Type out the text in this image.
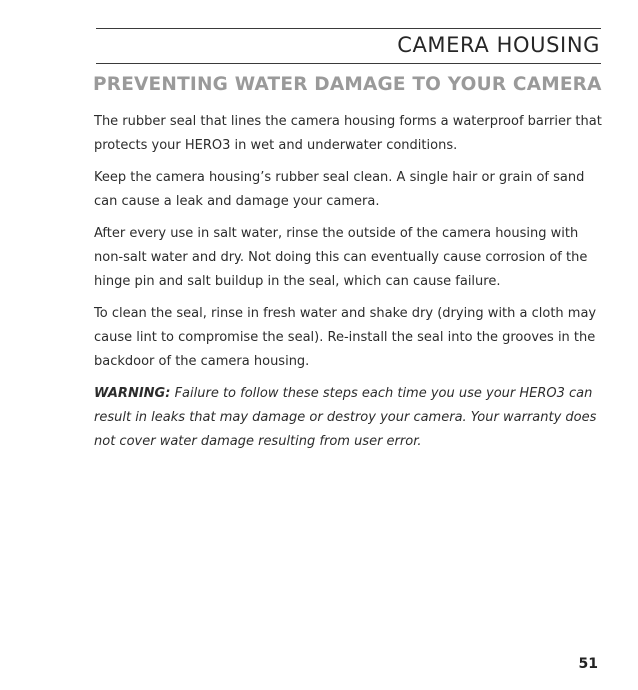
CAMERA HOUSING
PREVENTING WATER DAMAGE TO YOUR CAMERA

The rubber seal that lines the camera housing forms a waterproof barrier that protects your HERO3 in wet and underwater conditions.

Keep the camera housing’s rubber seal clean. A single hair or grain of sand can cause a leak and damage your camera.

After every use in salt water, rinse the outside of the camera housing with non-salt water and dry. Not doing this can eventually cause corrosion of the hinge pin and salt buildup in the seal, which can cause failure.

To clean the seal, rinse in fresh water and shake dry (drying with a cloth may cause lint to compromise the seal). Re-install the seal into the grooves in the backdoor of the camera housing.

WARNING: Failure to follow these steps each time you use your HERO3 can result in leaks that may damage or destroy your camera. Your warranty does not cover water damage resulting from user error.

51
